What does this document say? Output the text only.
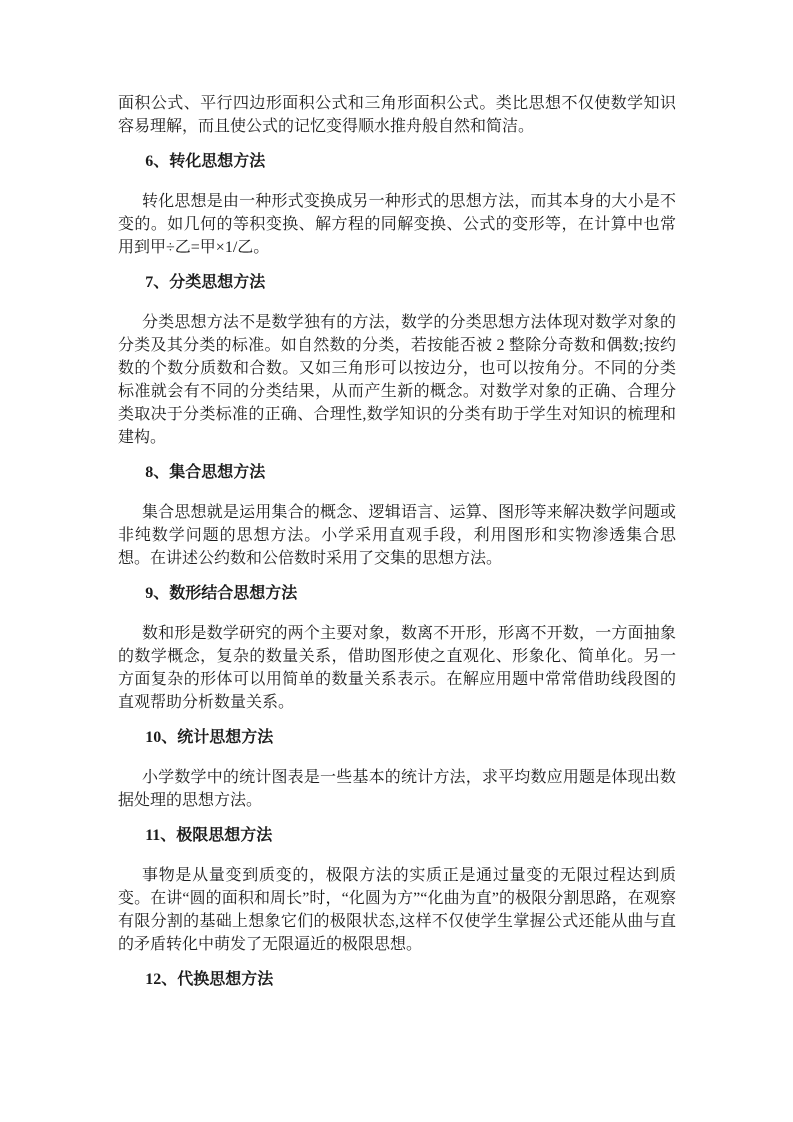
面积公式、平行四边形面积公式和三角形面积公式。类比思想不仅使数学知识容易理解，而且使公式的记忆变得顺水推舟般自然和简洁。

6、转化思想方法

转化思想是由一种形式变换成另一种形式的思想方法，而其本身的大小是不变的。如几何的等积变换、解方程的同解变换、公式的变形等，在计算中也常用到甲÷乙=甲×1/乙。

7、分类思想方法

分类思想方法不是数学独有的方法，数学的分类思想方法体现对数学对象的分类及其分类的标准。如自然数的分类，若按能否被 2 整除分奇数和偶数;按约数的个数分质数和合数。又如三角形可以按边分，也可以按角分。不同的分类标准就会有不同的分类结果，从而产生新的概念。对数学对象的正确、合理分类取决于分类标准的正确、合理性,数学知识的分类有助于学生对知识的梳理和建构。

8、集合思想方法

集合思想就是运用集合的概念、逻辑语言、运算、图形等来解决数学问题或非纯数学问题的思想方法。小学采用直观手段，利用图形和实物渗透集合思想。在讲述公约数和公倍数时采用了交集的思想方法。

9、数形结合思想方法

数和形是数学研究的两个主要对象，数离不开形，形离不开数，一方面抽象的数学概念，复杂的数量关系，借助图形使之直观化、形象化、简单化。另一方面复杂的形体可以用简单的数量关系表示。在解应用题中常常借助线段图的直观帮助分析数量关系。

10、统计思想方法

小学数学中的统计图表是一些基本的统计方法，求平均数应用题是体现出数据处理的思想方法。

11、极限思想方法

事物是从量变到质变的，极限方法的实质正是通过量变的无限过程达到质变。在讲“圆的面积和周长”时，“化圆为方”“化曲为直”的极限分割思路，在观察有限分割的基础上想象它们的极限状态,这样不仅使学生掌握公式还能从曲与直的矛盾转化中萌发了无限逼近的极限思想。

12、代换思想方法
